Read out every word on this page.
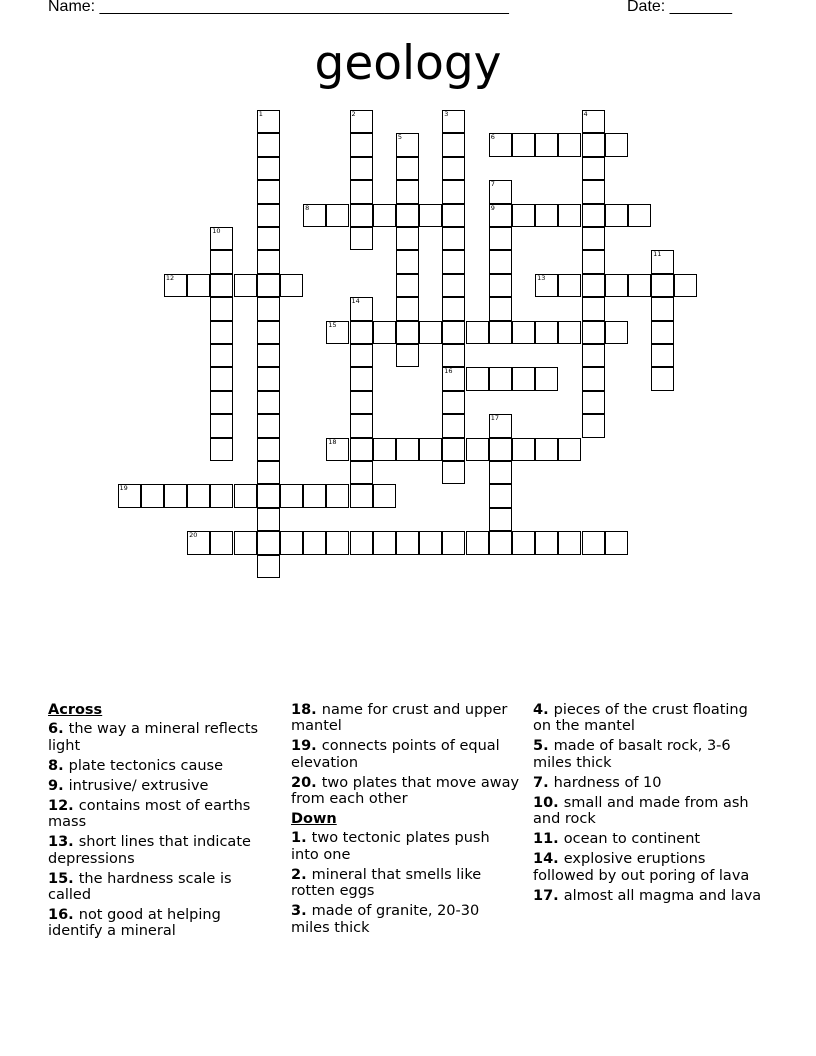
Name: ______________________________________________	Date: _______
geology
1	2	3
16
4
5	6
7
9
8
10
11
12	13
14
15
17
18
19
20
Across
6. the way a mineral reflects light
8. plate tectonics cause
9. intrusive/ extrusive
12. contains most of earths mass
13. short lines that indicate depressions
15. the hardness scale is called
16. not good at helping identify a mineral
18. name for crust and upper mantel
19. connects points of equal elevation
20. two plates that move away from each other
Down
1. two tectonic plates push into one
2. mineral that smells like rotten eggs
3. made of granite, 20-30 miles thick
4. pieces of the crust floating on the mantel
5. made of basalt rock, 3-6 miles thick
7. hardness of 10
10. small and made from ash and rock
11. ocean to continent
14. explosive eruptions followed by out poring of lava
17. almost all magma and lava
